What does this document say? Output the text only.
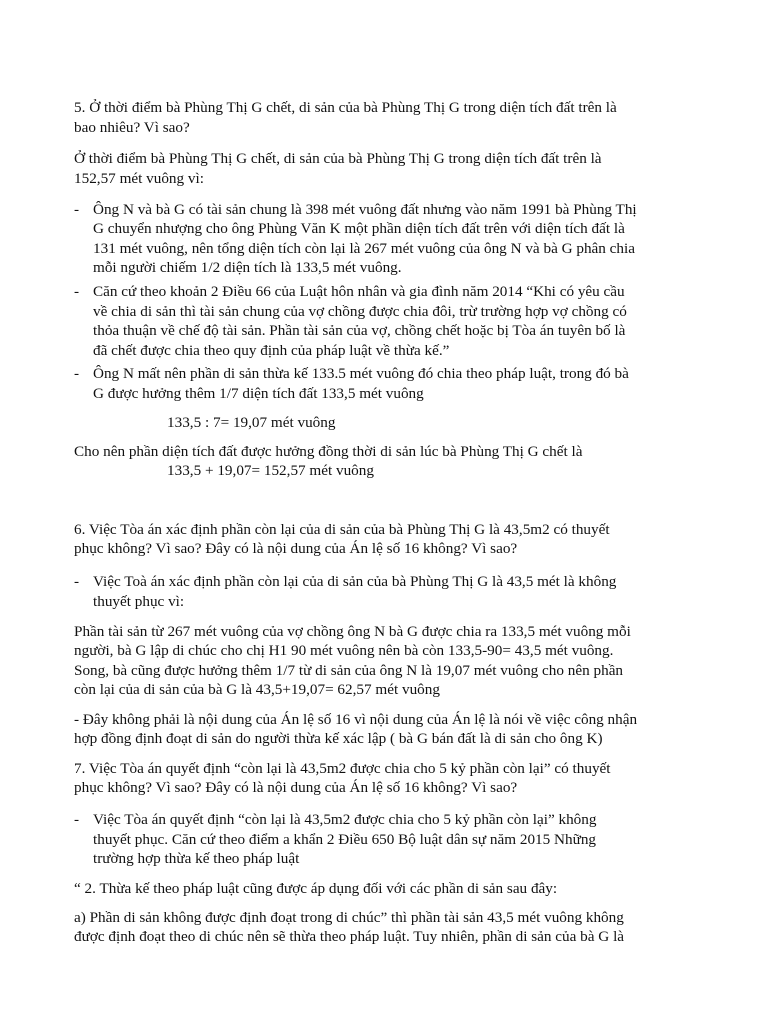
5. Ở thời điểm bà Phùng Thị G chết, di sản của bà Phùng Thị G trong diện tích đất trên là
bao nhiêu? Vì sao?
Ở thời điểm bà Phùng Thị G chết, di sản của bà Phùng Thị G trong diện tích đất trên là
152,57 mét vuông vì:
- Ông N và bà G có tài sản chung là 398 mét vuông đất nhưng vào năm 1991 bà Phùng Thị
G chuyển nhượng cho ông Phùng Văn K một phần diện tích đất trên với diện tích đất là
131 mét vuông, nên tổng diện tích còn lại là 267 mét vuông của ông N và bà G phân chia
mỗi người chiếm 1/2 diện tích là 133,5 mét vuông.
- Căn cứ theo khoản 2 Điều 66 của Luật hôn nhân và gia đình năm 2014 “Khi có yêu cầu
về chia di sản thì tài sản chung của vợ chồng được chia đôi, trừ trường hợp vợ chồng có
thỏa thuận về chế độ tài sản. Phần tài sản của vợ, chồng chết hoặc bị Tòa án tuyên bố là
đã chết được chia theo quy định của pháp luật về thừa kế.”
- Ông N mất nên phần di sản thừa kế 133.5 mét vuông đó chia theo pháp luật, trong đó bà
G được hưởng thêm 1/7 diện tích đất 133,5 mét vuông
133,5 : 7= 19,07 mét vuông
Cho nên phần diện tích đất được hưởng đồng thời di sản lúc bà Phùng Thị G chết là
133,5 + 19,07= 152,57 mét vuông
6. Việc Tòa án xác định phần còn lại của di sản của bà Phùng Thị G là 43,5m2 có thuyết
phục không? Vì sao? Đây có là nội dung của Án lệ số 16 không? Vì sao?
- Việc Toà án xác định phần còn lại của di sản của bà Phùng Thị G là 43,5 mét là không
thuyết phục vì:
Phần tài sản từ 267 mét vuông của vợ chồng ông N bà G được chia ra 133,5 mét vuông mỗi
người, bà G lập di chúc cho chị H1 90 mét vuông nên bà còn 133,5-90= 43,5 mét vuông.
Song, bà cũng được hưởng thêm 1/7 từ di sản của ông N là 19,07 mét vuông cho nên phần
còn lại của di sản của bà G là 43,5+19,07= 62,57 mét vuông
- Đây không phải là nội dung của Án lệ số 16 vì nội dung của Án lệ là nói về việc công nhận
hợp đồng định đoạt di sản do người thừa kế xác lập ( bà G bán đất là di sản cho ông K)
7. Việc Tòa án quyết định “còn lại là 43,5m2 được chia cho 5 kỷ phần còn lại” có thuyết
phục không? Vì sao? Đây có là nội dung của Án lệ số 16 không? Vì sao?
- Việc Tòa án quyết định “còn lại là 43,5m2 được chia cho 5 kỷ phần còn lại” không
thuyết phục. Căn cứ theo điểm a khẩn 2 Điều 650 Bộ luật dân sự năm 2015 Những
trường hợp thừa kế theo pháp luật
“ 2. Thừa kế theo pháp luật cũng được áp dụng đối với các phần di sản sau đây:
a) Phần di sản không được định đoạt trong di chúc” thì phần tài sản 43,5 mét vuông không
được định đoạt theo di chúc nên sẽ thừa theo pháp luật. Tuy nhiên, phần di sản của bà G là
